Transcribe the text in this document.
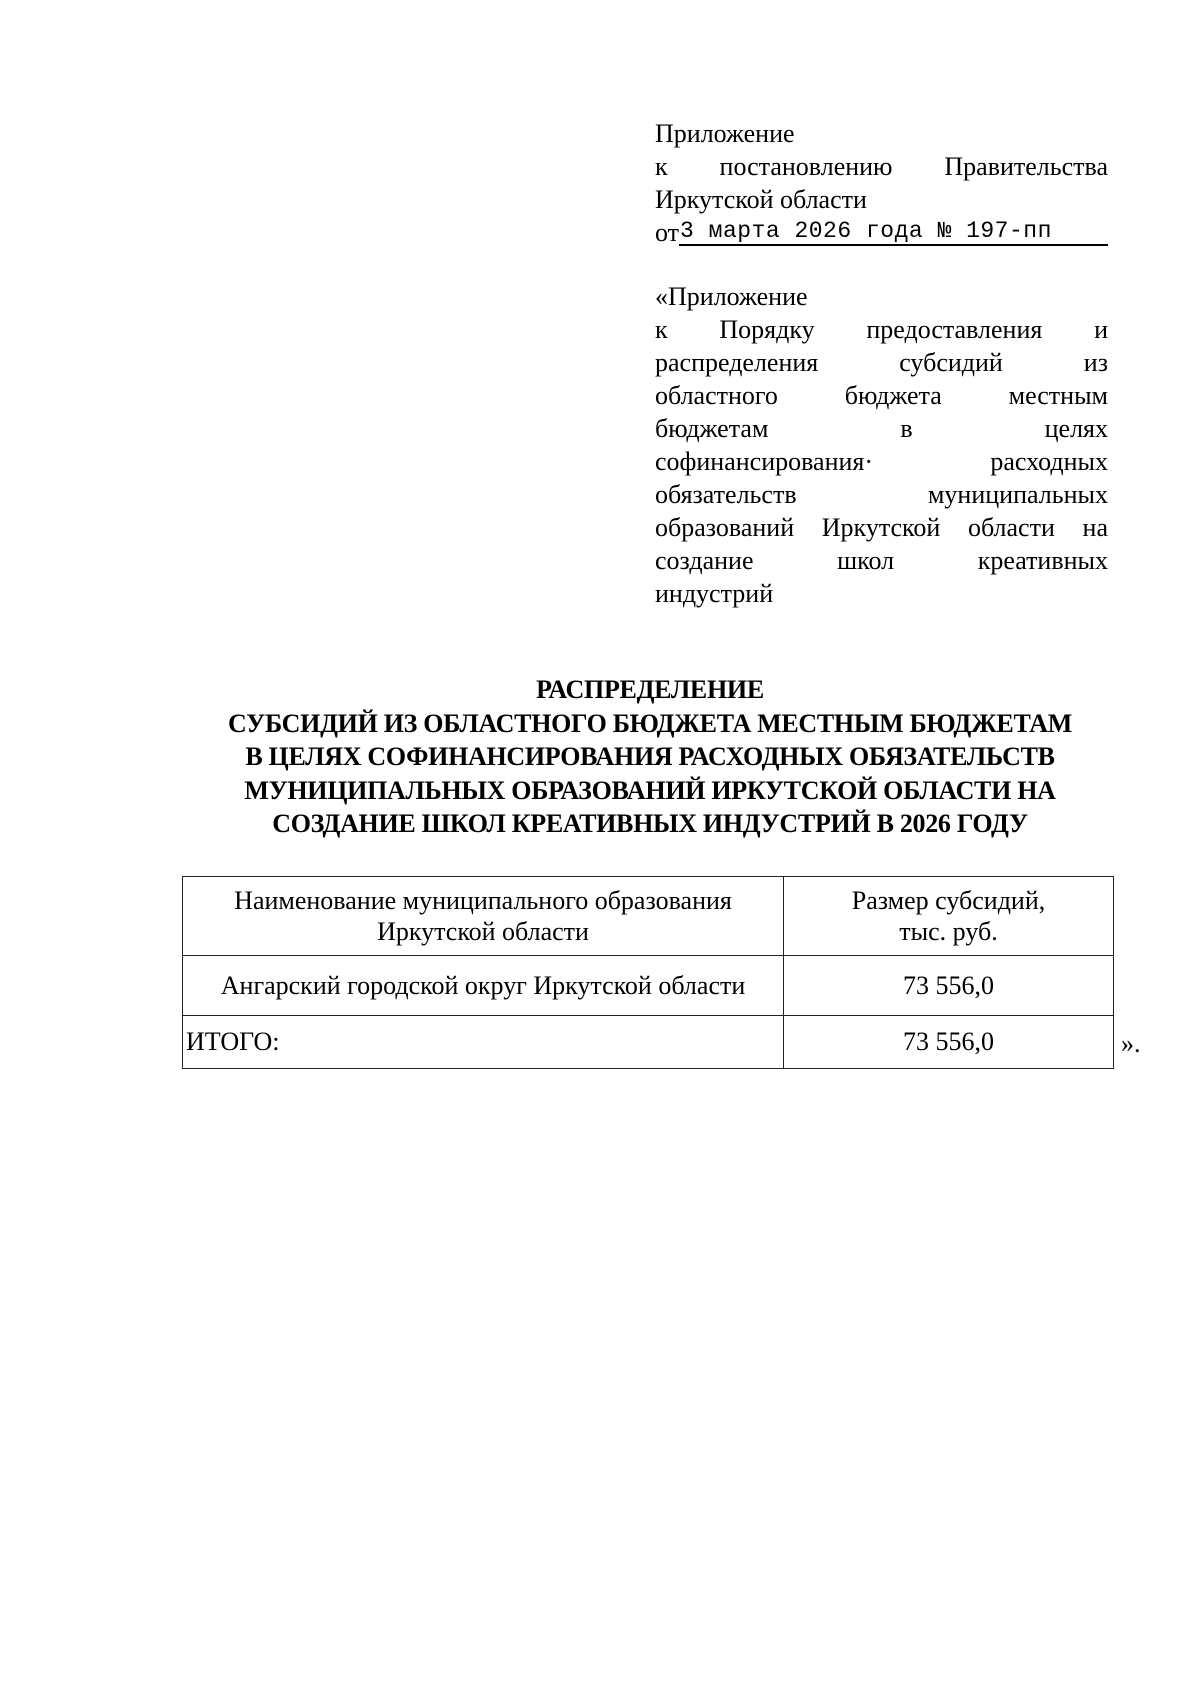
Приложение
к постановлению Правительства
Иркутской области
от 3 марта 2026 года № 197-пп
«Приложение
к Порядку предоставления и
распределения субсидий из
областного бюджета местным
бюджетам в целях
софинансирования· расходных
обязательств муниципальных
образований Иркутской области на
создание школ креативных
индустрий
РАСПРЕДЕЛЕНИЕ
СУБСИДИЙ ИЗ ОБЛАСТНОГО БЮДЖЕТА МЕСТНЫМ БЮДЖЕТАМ
В ЦЕЛЯХ СОФИНАНСИРОВАНИЯ РАСХОДНЫХ ОБЯЗАТЕЛЬСТВ
МУНИЦИПАЛЬНЫХ ОБРАЗОВАНИЙ ИРКУТСКОЙ ОБЛАСТИ НА
СОЗДАНИЕ ШКОЛ КРЕАТИВНЫХ ИНДУСТРИЙ В 2026 ГОДУ
Наименование муниципального образования
Иркутской области	Размер субсидий,
тыс. руб.
Ангарский городской округ Иркутской области	73 556,0
ИТОГО:	73 556,0	».
